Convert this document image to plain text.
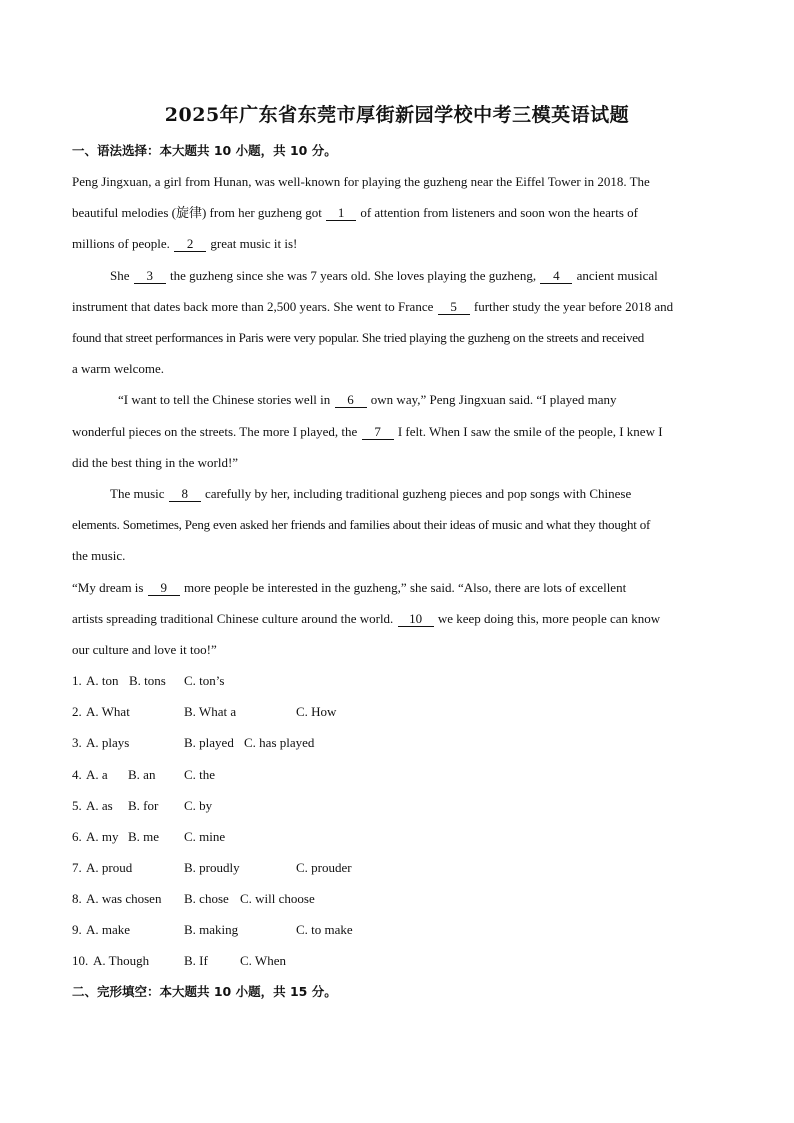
2025年广东省东莞市厚街新园学校中考三模英语试题
一、语法选择：本大题共 10 小题，共 10 分。

Peng Jingxuan, a girl from Hunan, was well-known for playing the guzheng near the Eiffel Tower in 2018. The

beautiful melodies (旋律) from her guzheng got 1 of attention from listeners and soon won the hearts of

millions of people. 2 great music it is!

She 3 the guzheng since she was 7 years old. She loves playing the guzheng, 4 ancient musical

instrument that dates back more than 2,500 years. She went to France 5 further study the year before 2018 and

found that street performances in Paris were very popular. She tried playing the guzheng on the streets and received

a warm welcome.

“I want to tell the Chinese stories well in 6 own way,” Peng Jingxuan said. “I played many

wonderful pieces on the streets. The more I played, the 7 I felt. When I saw the smile of the people, I knew I

did the best thing in the world!”

The music 8 carefully by her, including traditional guzheng pieces and pop songs with Chinese

elements. Sometimes, Peng even asked her friends and families about their ideas of music and what they thought of

the music.

“My dream is 9 more people be interested in the guzheng,” she said. “Also, there are lots of excellent

artists spreading traditional Chinese culture around the world. 10 we keep doing this, more people can know

our culture and love it too!”

1. A. ton B. tons C. ton’s
2. A. What	B. What a	C. How
3. A. plays	B. played C. has played
4. A. a B. an C. the
5. A. as B. for C. by
6. A. my B. me C. mine
7. A. proud	B. proudly	C. prouder
8. A. was chosen B. chose C. will choose
9. A. make	B. making	C. to make
10. A. Though	B. If C. When
二、完形填空：本大题共 10 小题，共 15 分。
